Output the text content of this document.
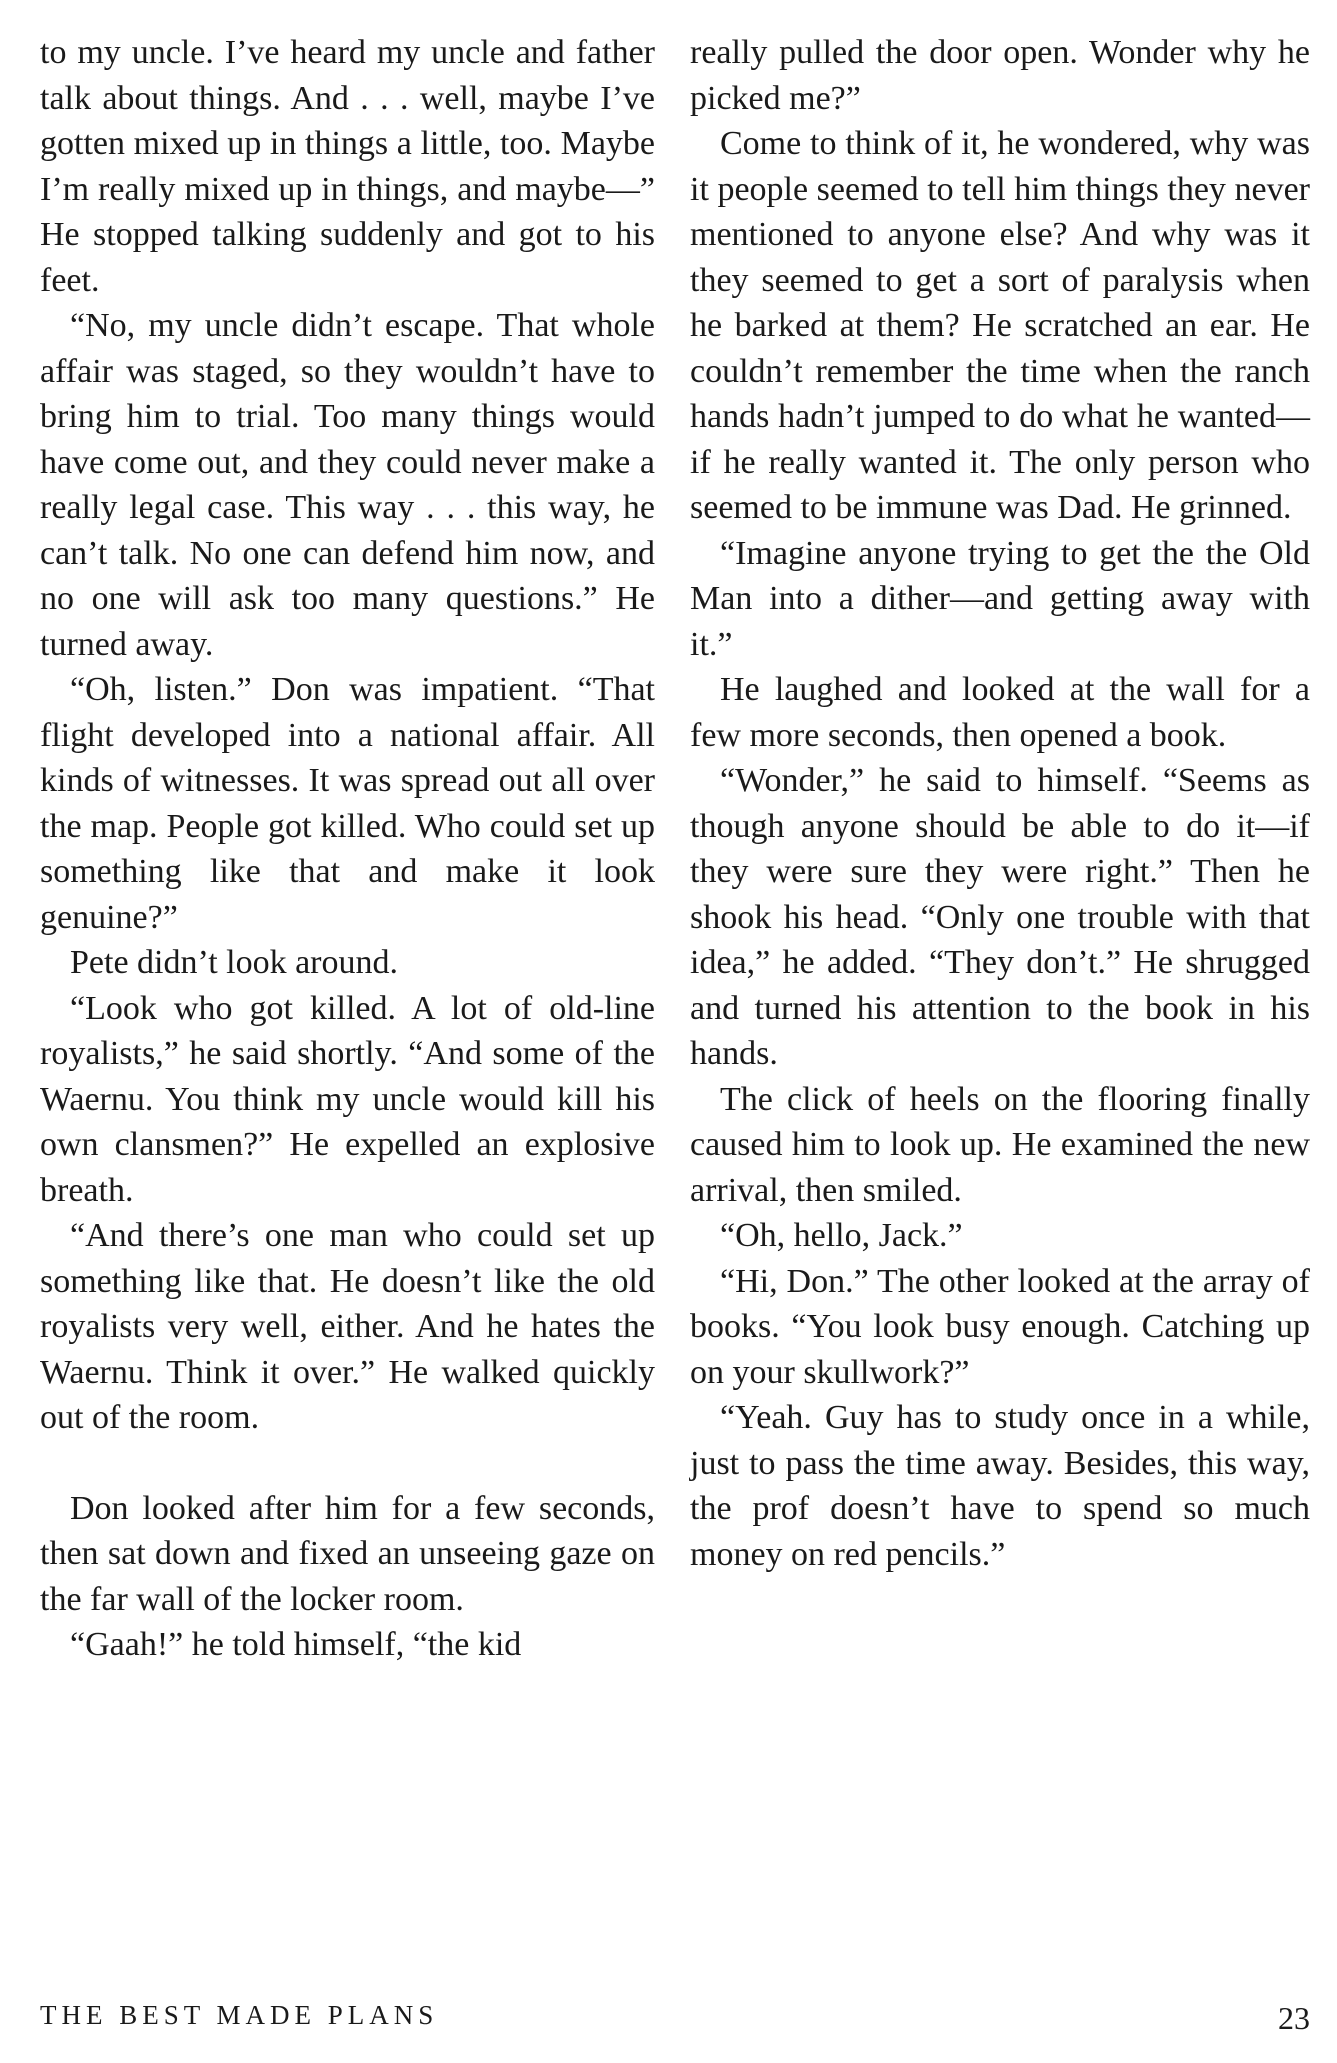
to my uncle. I’ve heard my uncle and father talk about things. And . . . well, maybe I’ve gotten mixed up in things a little, too. Maybe I’m really mixed up in things, and maybe—” He stopped talking suddenly and got to his feet.

“No, my uncle didn’t escape. That whole affair was staged, so they wouldn’t have to bring him to trial. Too many things would have come out, and they could never make a really legal case. This way . . . this way, he can’t talk. No one can defend him now, and no one will ask too many questions.” He turned away.

“Oh, listen.” Don was impatient. “That flight developed into a national affair. All kinds of witnesses. It was spread out all over the map. People got killed. Who could set up something like that and make it look genuine?”

Pete didn’t look around.

“Look who got killed. A lot of old-line royalists,” he said shortly. “And some of the Waernu. You think my uncle would kill his own clansmen?” He expelled an explosive breath.

“And there’s one man who could set up something like that. He doesn’t like the old royalists very well, either. And he hates the Waernu. Think it over.” He walked quickly out of the room.

Don looked after him for a few seconds, then sat down and fixed an unseeing gaze on the far wall of the locker room.

“Gaah!” he told himself, “the kid

really pulled the door open. Wonder why he picked me?”

Come to think of it, he wondered, why was it people seemed to tell him things they never mentioned to anyone else? And why was it they seemed to get a sort of paralysis when he barked at them? He scratched an ear. He couldn’t remember the time when the ranch hands hadn’t jumped to do what he wanted—if he really wanted it. The only person who seemed to be immune was Dad. He grinned.

“Imagine anyone trying to get the the Old Man into a dither—and getting away with it.”

He laughed and looked at the wall for a few more seconds, then opened a book.

“Wonder,” he said to himself. “Seems as though anyone should be able to do it—if they were sure they were right.” Then he shook his head. “Only one trouble with that idea,” he added. “They don’t.” He shrugged and turned his attention to the book in his hands.

The click of heels on the flooring finally caused him to look up. He examined the new arrival, then smiled.

“Oh, hello, Jack.”

“Hi, Don.” The other looked at the array of books. “You look busy enough. Catching up on your skullwork?”

“Yeah. Guy has to study once in a while, just to pass the time away. Besides, this way, the prof doesn’t have to spend so much money on red pencils.”

THE BEST MADE PLANS	23
